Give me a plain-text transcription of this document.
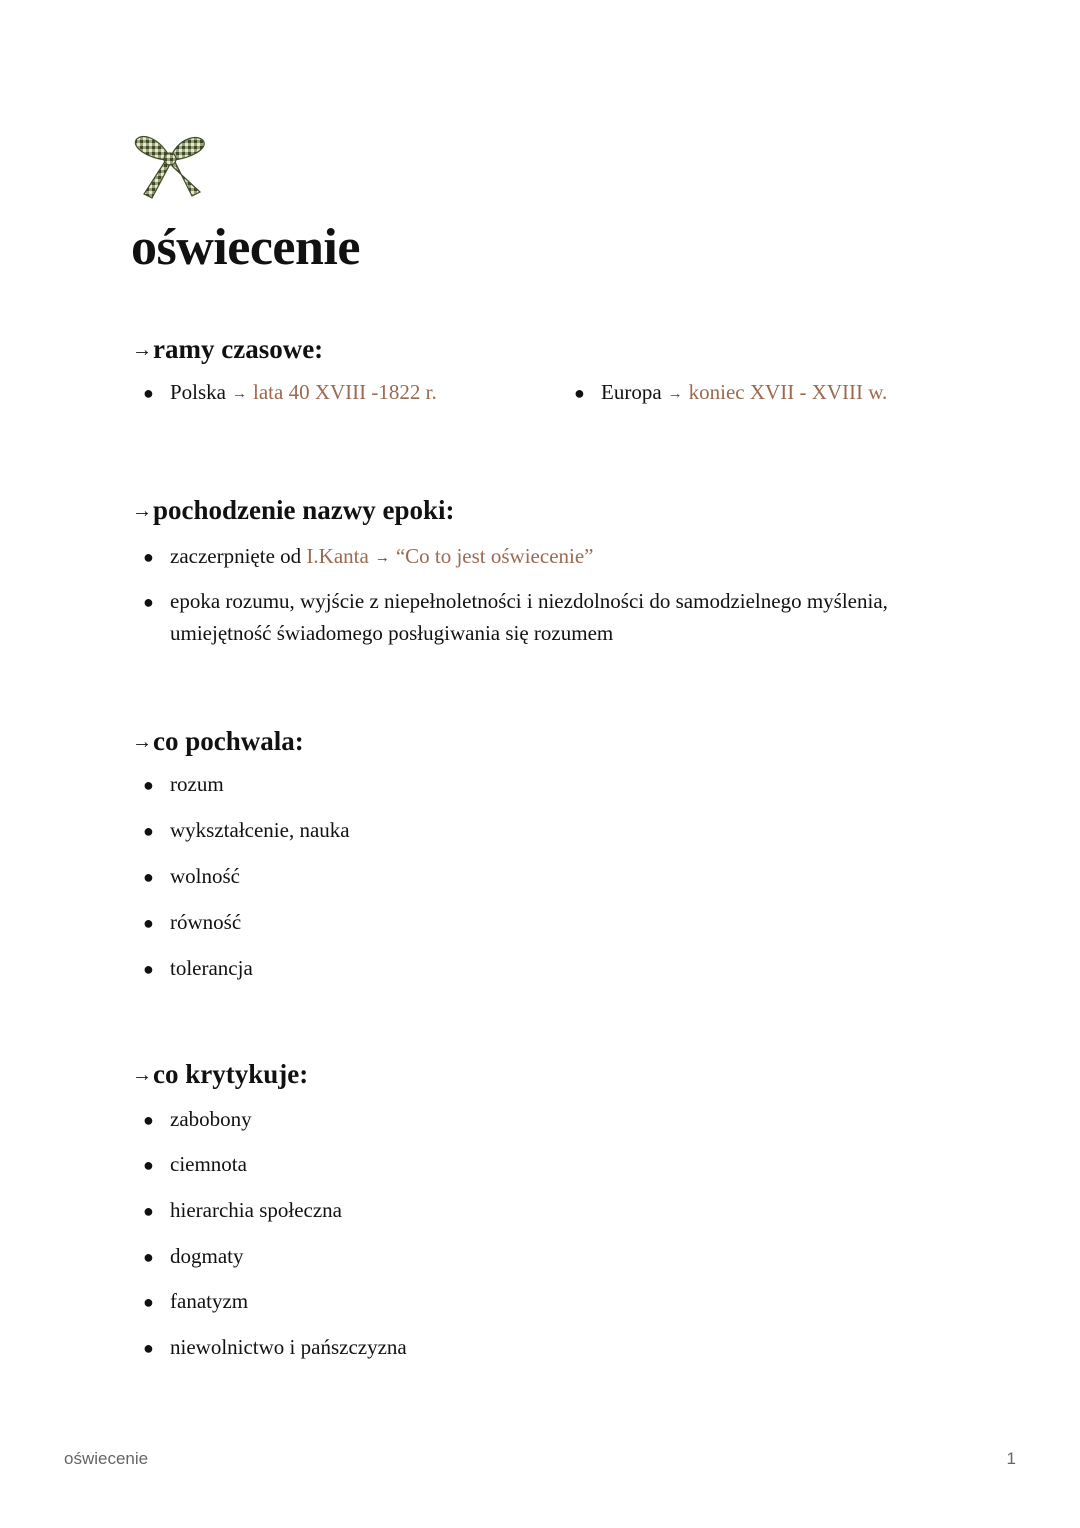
oświecenie
→ramy czasowe:
● Polska → lata 40 XVIII -1822 r.	● Europa → koniec XVII - XVIII w.
→pochodzenie nazwy epoki:
● zaczerpnięte od I.Kanta → “Co to jest oświecenie”
● epoka rozumu, wyjście z niepełnoletności i niezdolności do samodzielnego myślenia,
umiejętność świadomego posługiwania się rozumem
→co pochwala:
● rozum
● wykształcenie, nauka
● wolność
● równość
● tolerancja
→co krytykuje:
● zabobony
● ciemnota
● hierarchia społeczna
● dogmaty
● fanatyzm
● niewolnictwo i pańszczyzna
oświecenie	1
